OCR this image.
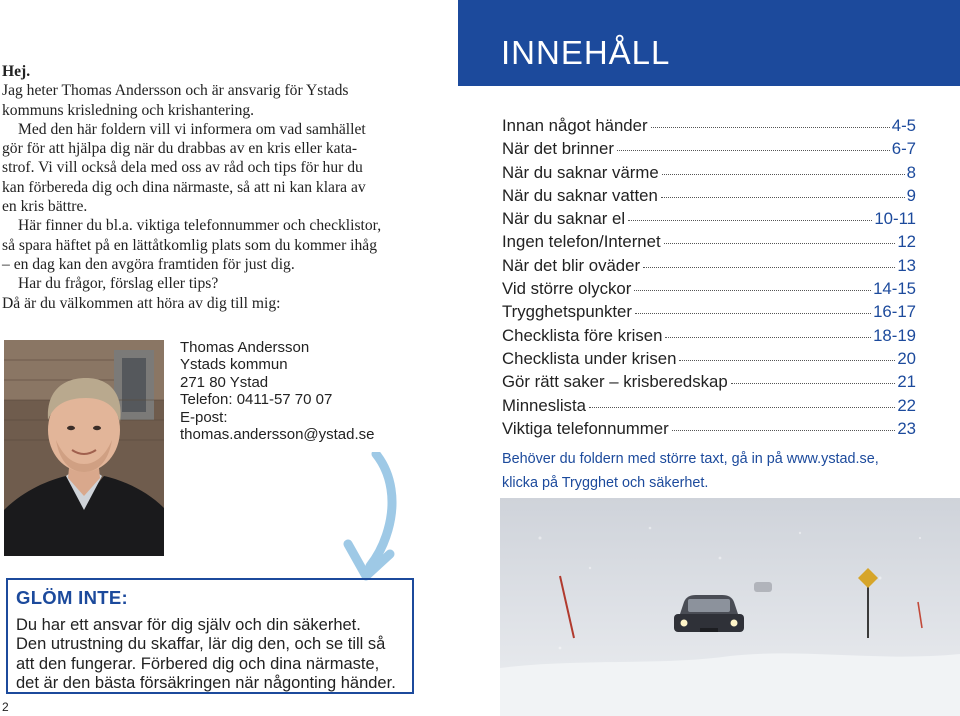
Hej.

Jag heter Thomas Andersson och är ansvarig för Ystads

kommuns krisledning och krishantering.

Med den här foldern vill vi informera om vad samhället

gör för att hjälpa dig när du drabbas av en kris eller kata-

strof. Vi vill också dela med oss av råd och tips för hur du

kan förbereda dig och dina närmaste, så att ni kan klara av

en kris bättre.

Här finner du bl.a. viktiga telefonnummer och checklistor,

så spara häftet på en lättåtkomlig plats som du kommer ihåg

– en dag kan den avgöra framtiden för just dig.

Har du frågor, förslag eller tips?

Då är du välkommen att höra av dig till mig:

Thomas Andersson
Ystads kommun
271 80 Ystad
Telefon: 0411-57 70 07
E-post:
thomas.andersson@ystad.se
GLÖM INTE:
Du har ett ansvar för dig själv och din säkerhet.
Den utrustning du skaffar, lär dig den, och se till så
att den fungerar. Förbered dig och dina närmaste,
det är den bästa försäkringen när någonting händer.
2
INNEHÅLL
Innan något händer	4-5
När det brinner	6-7
När du saknar värme	8
När du saknar vatten	9
När du saknar el	10-11
Ingen telefon/Internet	12
När det blir oväder	13
Vid större olyckor	14-15
Trygghetspunkter	16-17
Checklista före krisen	18-19
Checklista under krisen	20
Gör rätt saker – krisberedskap	21
Minneslista	22
Viktiga telefonnummer	23
Behöver du foldern med större taxt, gå in på www.ystad.se,
klicka på Trygghet och säkerhet.
